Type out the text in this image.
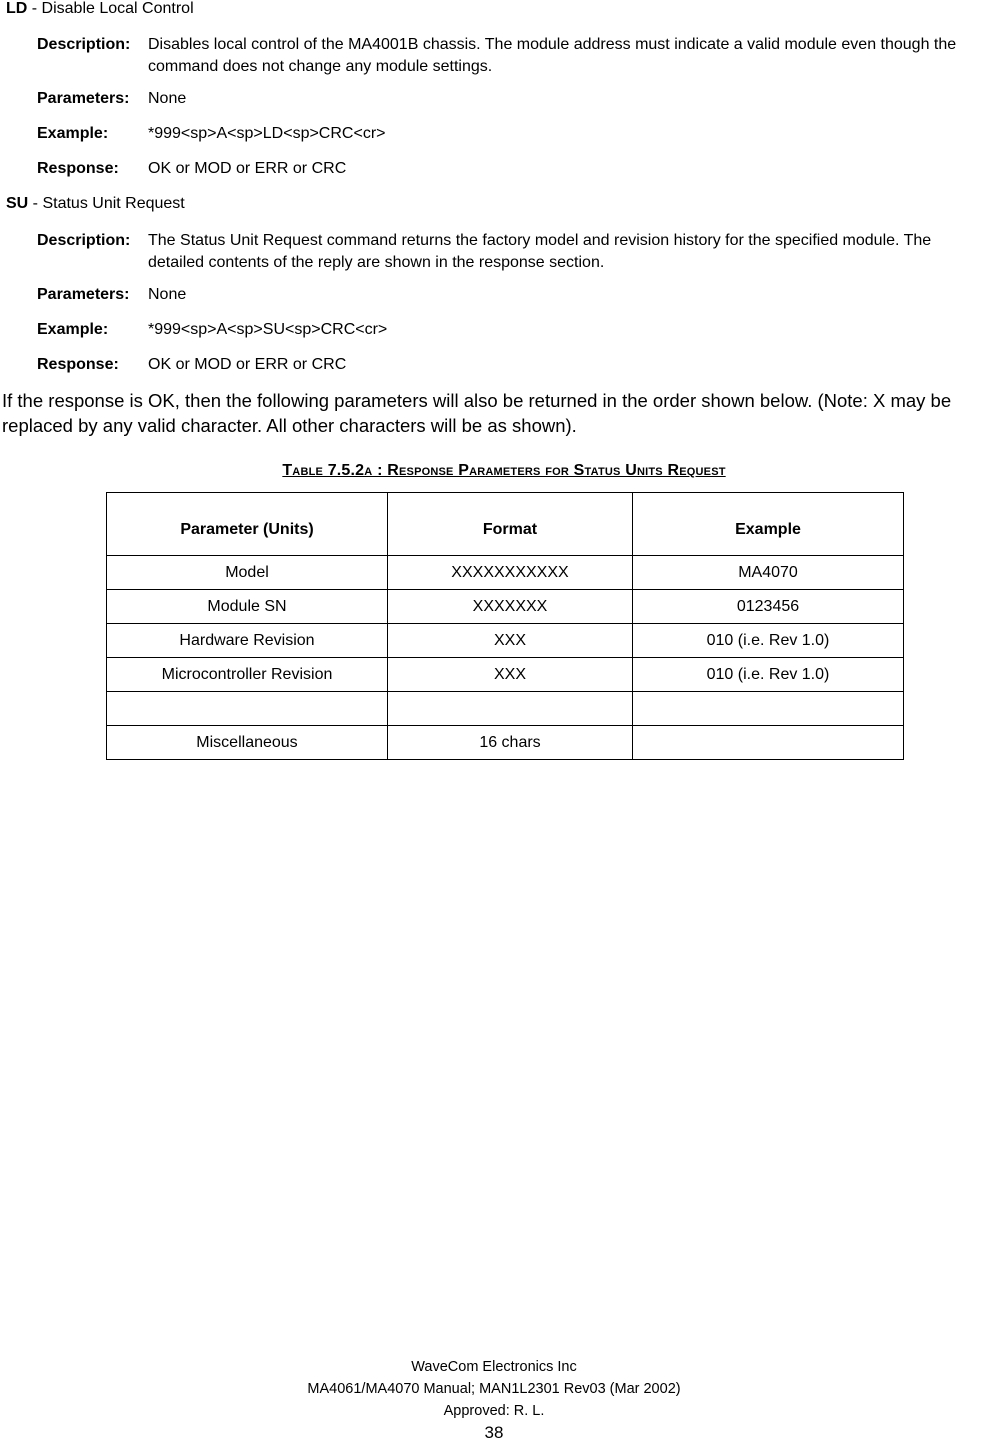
LD - Disable Local Control
Description: Disables local control of the MA4001B chassis. The module address must indicate a valid module even though the command does not change any module settings.
Parameters: None
Example: *999<sp>A<sp>LD<sp>CRC<cr>
Response: OK or MOD or ERR or CRC
SU - Status Unit Request
Description: The Status Unit Request command returns the factory model and revision history for the specified module. The detailed contents of the reply are shown in the response section.
Parameters: None
Example: *999<sp>A<sp>SU<sp>CRC<cr>
Response: OK or MOD or ERR or CRC
If the response is OK, then the following parameters will also be returned in the order shown below. (Note: X may be replaced by any valid character. All other characters will be as shown).
Table 7.5.2a : Response Parameters for Status Units Request
Parameter (Units)	Format	Example
Model	XXXXXXXXXXX	MA4070
Module SN	XXXXXXX	0123456
Hardware Revision	XXX	010 (i.e. Rev 1.0)
Microcontroller Revision	XXX	010 (i.e. Rev 1.0)

Miscellaneous	16 chars	
WaveCom Electronics Inc
MA4061/MA4070 Manual; MAN1L2301 Rev03 (Mar 2002)
Approved: R. L.
38
